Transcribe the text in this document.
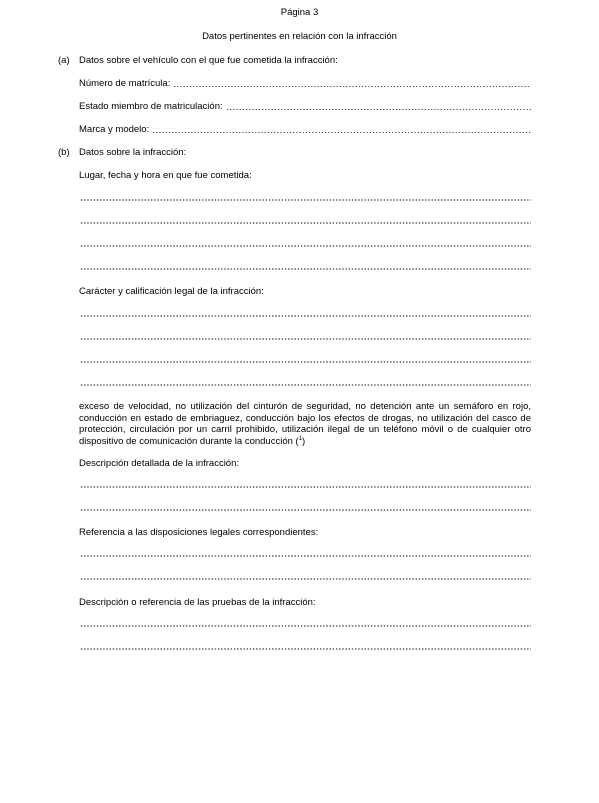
Página 3
Datos pertinentes en relación con la infracción
(a) Datos sobre el vehículo con el que fue cometida la infracción:
Número de matrícula:
Estado miembro de matriculación:
Marca y modelo:
(b) Datos sobre la infracción:
Lugar, fecha y hora en que fue cometida:
Carácter y calificación legal de la infracción:
exceso de velocidad, no utilización del cinturón de seguridad, no detención ante un semáforo en rojo, conducción en estado de embriaguez, conducción bajo los efectos de drogas, no utilización del casco de protección, circulación por un carril prohibido, utilización ilegal de un teléfono móvil o de cualquier otro dispositivo de comunicación durante la conducción ($^1$)
Descripción detallada de la infracción:
Referencia a las disposiciones legales correspondientes:
Descripción o referencia de las pruebas de la infracción:
